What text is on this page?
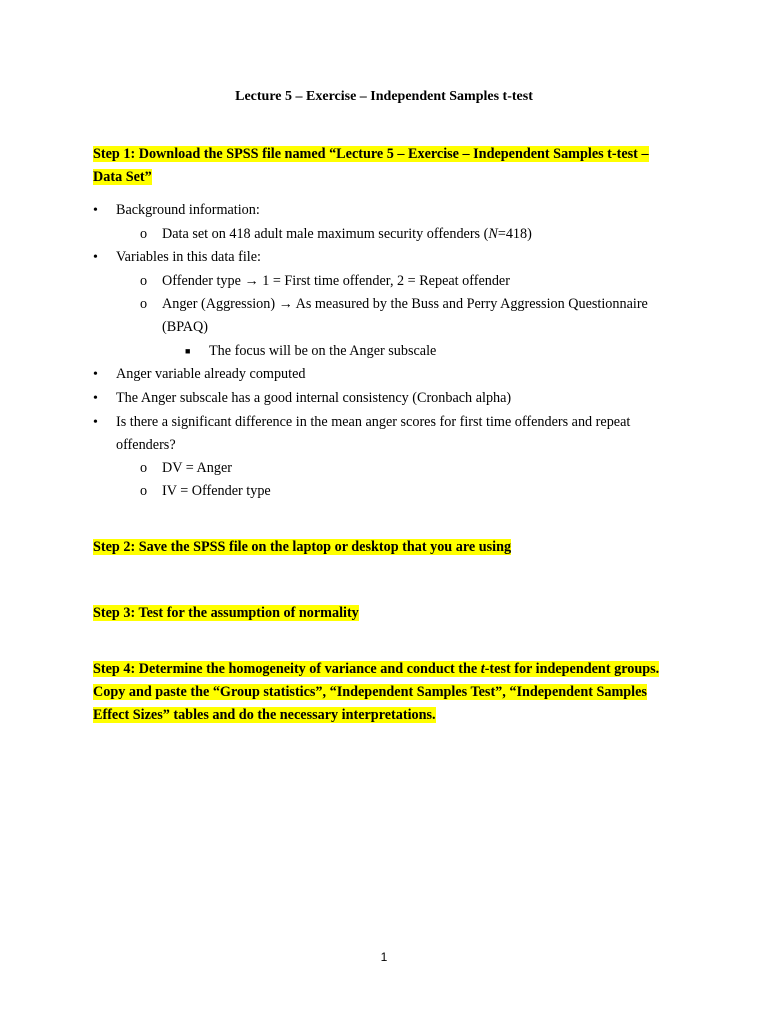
Lecture 5 – Exercise – Independent Samples t-test
Step 1: Download the SPSS file named “Lecture 5 – Exercise – Independent Samples t-test –
Data Set”
• Background information:
o Data set on 418 adult male maximum security offenders (N=418)
• Variables in this data file:
o Offender type → 1 = First time offender, 2 = Repeat offender
o Anger (Aggression) → As measured by the Buss and Perry Aggression Questionnaire
(BPAQ)
■ The focus will be on the Anger subscale
• Anger variable already computed
• The Anger subscale has a good internal consistency (Cronbach alpha)
• Is there a significant difference in the mean anger scores for first time offenders and repeat
offenders?
o DV = Anger
o IV = Offender type
Step 2: Save the SPSS file on the laptop or desktop that you are using
Step 3: Test for the assumption of normality
Step 4: Determine the homogeneity of variance and conduct the t-test for independent groups.
Copy and paste the “Group statistics”, “Independent Samples Test”, “Independent Samples
Effect Sizes” tables and do the necessary interpretations.
1
